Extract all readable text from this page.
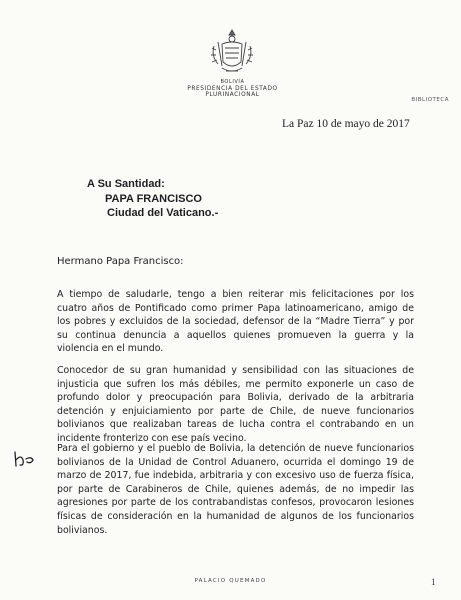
BOLIVIA
PRESIDENCIA DEL ESTADO PLURINACIONAL
BIBLIOTECA
La Paz 10 de mayo de 2017
A Su Santidad:
PAPA FRANCISCO
Ciudad del Vaticano.-
Hermano Papa Francisco:

A tiempo de saludarle, tengo a bien reiterar mis felicitaciones por los cuatro años de Pontificado como primer Papa latinoamericano, amigo de los pobres y excluidos de la sociedad, defensor de la “Madre Tierra” y por su continua denuncia a aquellos quienes promueven la guerra y la violencia en el mundo.

Conocedor de su gran humanidad y sensibilidad con las situaciones de injusticia que sufren los más débiles, me permito exponerle un caso de profundo dolor y preocupación para Bolivia, derivado de la arbitraria detención y enjuiciamiento por parte de Chile, de nueve funcionarios bolivianos que realizaban tareas de lucha contra el contrabando en un incidente fronterizo con ese país vecino.

Para el gobierno y el pueblo de Bolivia, la detención de nueve funcionarios bolivianos de la Unidad de Control Aduanero, ocurrida el domingo 19 de marzo de 2017, fue indebida, arbitraria y con excesivo uso de fuerza física, por parte de Carabineros de Chile, quienes además, de no impedir las agresiones por parte de los contrabandistas confesos, provocaron lesiones físicas de consideración en la humanidad de algunos de los funcionarios bolivianos.

PALACIO QUEMADO	1
